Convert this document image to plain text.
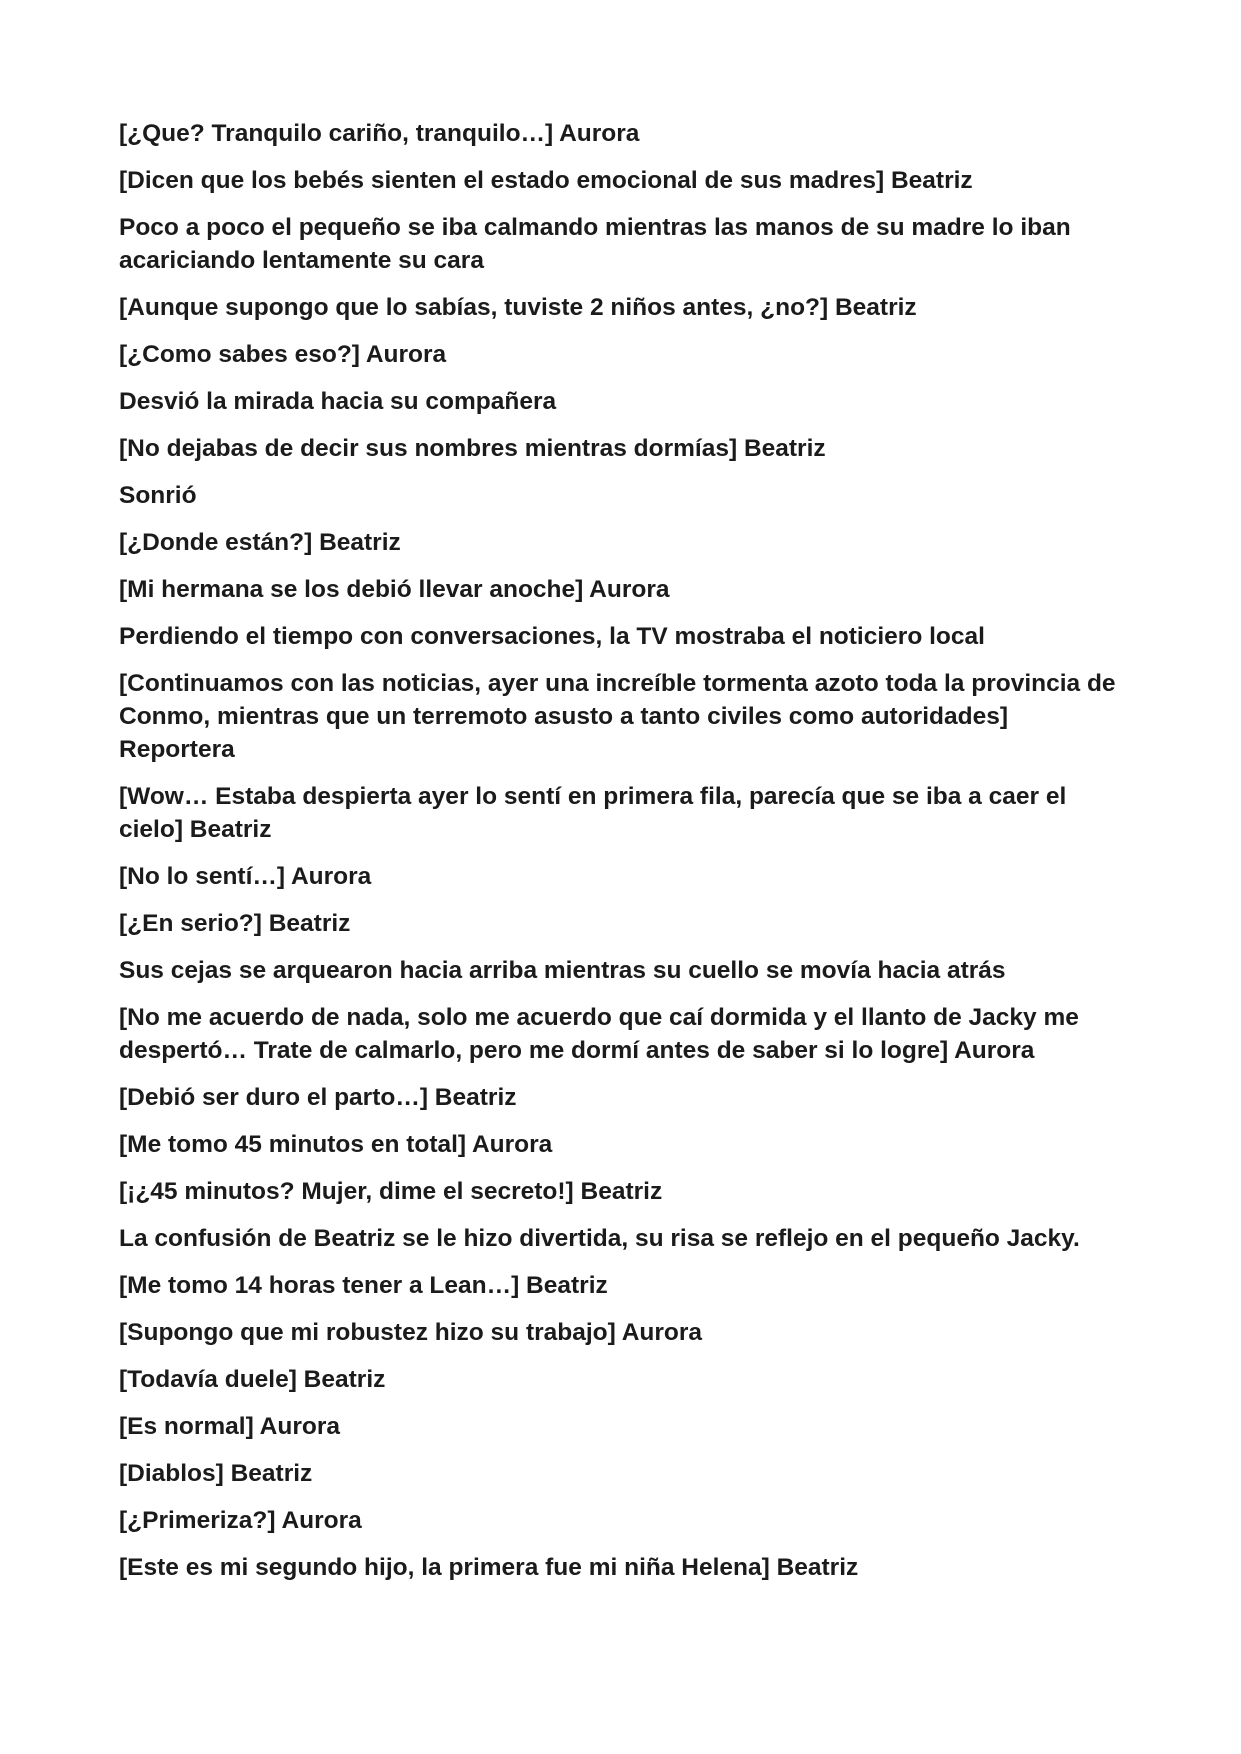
[¿Que? Tranquilo cariño, tranquilo…] Aurora

[Dicen que los bebés sienten el estado emocional de sus madres] Beatriz

Poco a poco el pequeño se iba calmando mientras las manos de su madre lo iban acariciando lentamente su cara

[Aunque supongo que lo sabías, tuviste 2 niños antes, ¿no?] Beatriz

[¿Como sabes eso?] Aurora

Desvió la mirada hacia su compañera

[No dejabas de decir sus nombres mientras dormías] Beatriz

Sonrió

[¿Donde están?] Beatriz

[Mi hermana se los debió llevar anoche] Aurora

Perdiendo el tiempo con conversaciones, la TV mostraba el noticiero local

[Continuamos con las noticias, ayer una increíble tormenta azoto toda la provincia de Conmo, mientras que un terremoto asusto a tanto civiles como autoridades] Reportera

[Wow… Estaba despierta ayer lo sentí en primera fila, parecía que se iba a caer el cielo] Beatriz

[No lo sentí…] Aurora

[¿En serio?] Beatriz

Sus cejas se arquearon hacia arriba mientras su cuello se movía hacia atrás

[No me acuerdo de nada, solo me acuerdo que caí dormida y el llanto de Jacky me despertó… Trate de calmarlo, pero me dormí antes de saber si lo logre] Aurora

[Debió ser duro el parto…] Beatriz

[Me tomo 45 minutos en total] Aurora

[¡¿45 minutos? Mujer, dime el secreto!] Beatriz

La confusión de Beatriz se le hizo divertida, su risa se reflejo en el pequeño Jacky.

[Me tomo 14 horas tener a Lean…] Beatriz

[Supongo que mi robustez hizo su trabajo] Aurora

[Todavía duele] Beatriz

[Es normal] Aurora

[Diablos] Beatriz

[¿Primeriza?] Aurora

[Este es mi segundo hijo, la primera fue mi niña Helena] Beatriz
